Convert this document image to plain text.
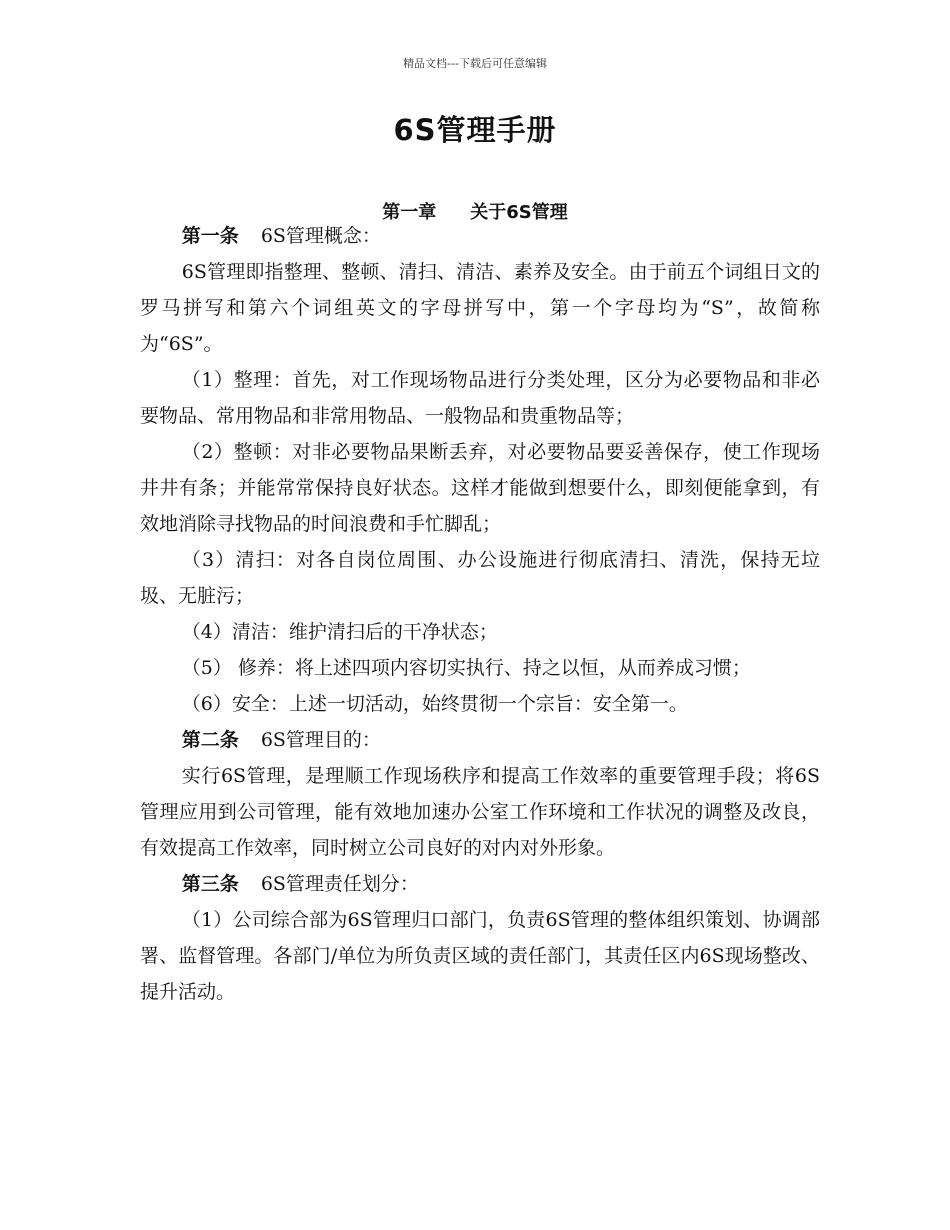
精品文档---下载后可任意编辑
6S管理手册
第一章 关于6S管理

第一条 6S管理概念：

6S管理即指整理、整顿、清扫、清洁、素养及安全。由于前五个词组日文的罗马拼写和第六个词组英文的字母拼写中，第一个字母均为“S”，故简称为“6S”。

（1）整理：首先，对工作现场物品进行分类处理，区分为必要物品和非必要物品、常用物品和非常用物品、一般物品和贵重物品等；

（2）整顿：对非必要物品果断丢弃，对必要物品要妥善保存，使工作现场井井有条；并能常常保持良好状态。这样才能做到想要什么，即刻便能拿到，有效地消除寻找物品的时间浪费和手忙脚乱；

（3）清扫：对各自岗位周围、办公设施进行彻底清扫、清洗，保持无垃圾、无脏污；

（4）清洁：维护清扫后的干净状态；

（5） 修养：将上述四项内容切实执行、持之以恒，从而养成习惯；

（6）安全：上述一切活动，始终贯彻一个宗旨：安全第一。

第二条 6S管理目的：

实行6S管理，是理顺工作现场秩序和提高工作效率的重要管理手段；将6S管理应用到公司管理，能有效地加速办公室工作环境和工作状况的调整及改良，有效提高工作效率，同时树立公司良好的对内对外形象。

第三条 6S管理责任划分：

（1）公司综合部为6S管理归口部门，负责6S管理的整体组织策划、协调部署、监督管理。各部门/单位为所负责区域的责任部门，其责任区内6S现场整改、提升活动。
